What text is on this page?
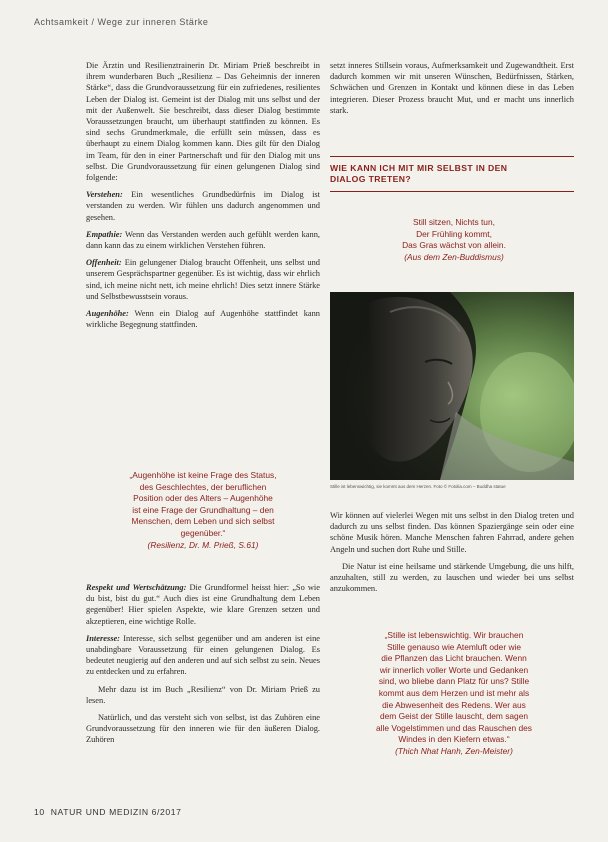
Achtsamkeit / Wege zur inneren Stärke

Die Ärztin und Resilienztrainerin Dr. Miriam Prieß beschreibt in ihrem wunderbaren Buch „Resilienz – Das Geheimnis der inneren Stärke“, dass die Grundvoraussetzung für ein zufriedenes, resilientes Leben der Dialog ist. Gemeint ist der Dialog mit uns selbst und der mit der Außenwelt. Sie beschreibt, dass dieser Dialog bestimmte Voraussetzungen braucht, um überhaupt stattfinden zu können. Es sind sechs Grundmerkmale, die erfüllt sein müssen, dass es überhaupt zu einem Dialog kommen kann. Dies gilt für den Dialog im Team, für den in einer Partnerschaft und für den Dialog mit uns selbst. Die Grundvoraussetzung für einen gelungenen Dialog sind folgende:

Verstehen: Ein wesentliches Grundbedürfnis im Dialog ist verstanden zu werden. Wir fühlen uns dadurch angenommen und gesehen.

Empathie: Wenn das Verstanden werden auch gefühlt werden kann, dann kann das zu einem wirklichen Verstehen führen.

Offenheit: Ein gelungener Dialog braucht Offenheit, uns selbst und unserem Gesprächspartner gegenüber. Es ist wichtig, dass wir ehrlich sind, ich meine nicht nett, ich meine ehrlich! Dies setzt innere Stärke und Selbstbewusstsein voraus.

Augenhöhe: Wenn ein Dialog auf Augenhöhe stattfindet kann wirkliche Begegnung stattfinden.

„Augenhöhe ist keine Frage des Status,
des Geschlechtes, der beruflichen
Position oder des Alters – Augenhöhe
ist eine Frage der Grundhaltung – den
Menschen, dem Leben und sich selbst
gegenüber.“
(Resilienz, Dr. M. Prieß, S.61)

Respekt und Wertschätzung: Die Grundformel heisst hier: „So wie du bist, bist du gut.“ Auch dies ist eine Grundhaltung dem Leben gegenüber! Hier spielen Aspekte, wie klare Grenzen setzen und akzeptieren, eine wichtige Rolle.

Interesse: Interesse, sich selbst gegenüber und am anderen ist eine unabdingbare Voraussetzung für einen gelungenen Dialog. Es bedeutet neugierig auf den anderen und auf sich selbst zu sein. Neues zu entdecken und zu erfahren.

Mehr dazu ist im Buch „Resilienz“ von Dr. Miriam Prieß zu lesen.

Natürlich, und das versteht sich von selbst, ist das Zuhören eine Grundvoraussetzung für den inneren wie für den äußeren Dialog. Zuhören

setzt inneres Stillsein voraus, Aufmerksamkeit und Zugewandtheit. Erst dadurch kommen wir mit unseren Wünschen, Bedürfnissen, Stärken, Schwächen und Grenzen in Kontakt und können diese in das Leben integrieren. Dieser Prozess braucht Mut, und er macht uns innerlich stark.

WIE KANN ICH MIT MIR SELBST IN DEN
DIALOG TRETEN?
Still sitzen, Nichts tun,
Der Frühling kommt,
Das Gras wächst von allein.
(Aus dem Zen-Buddismus)
Stille ist lebenswichtig, sie kommt aus dem Herzen. Foto © Fotolia.com – Buddha statue

Wir können auf vielerlei Wegen mit uns selbst in den Dialog treten und dadurch zu uns selbst finden. Das können Spaziergänge sein oder eine schöne Musik hören. Manche Menschen fahren Fahrrad, andere gehen Angeln und suchen dort Ruhe und Stille.

Die Natur ist eine heilsame und stärkende Umgebung, die uns hilft, anzuhalten, still zu werden, zu lauschen und wieder bei uns selbst anzukommen.

„Stille ist lebenswichtig. Wir brauchen
Stille genauso wie Atemluft oder wie
die Pflanzen das Licht brauchen. Wenn
wir innerlich voller Worte und Gedanken
sind, wo bliebe dann Platz für uns? Stille
kommt aus dem Herzen und ist mehr als
die Abwesenheit des Redens. Wer aus
dem Geist der Stille lauscht, dem sagen
alle Vogelstimmen und das Rauschen des
Windes in den Kiefern etwas.“
(Thich Nhat Hanh, Zen-Meister)
10 NATUR UND MEDIZIN 6/2017
